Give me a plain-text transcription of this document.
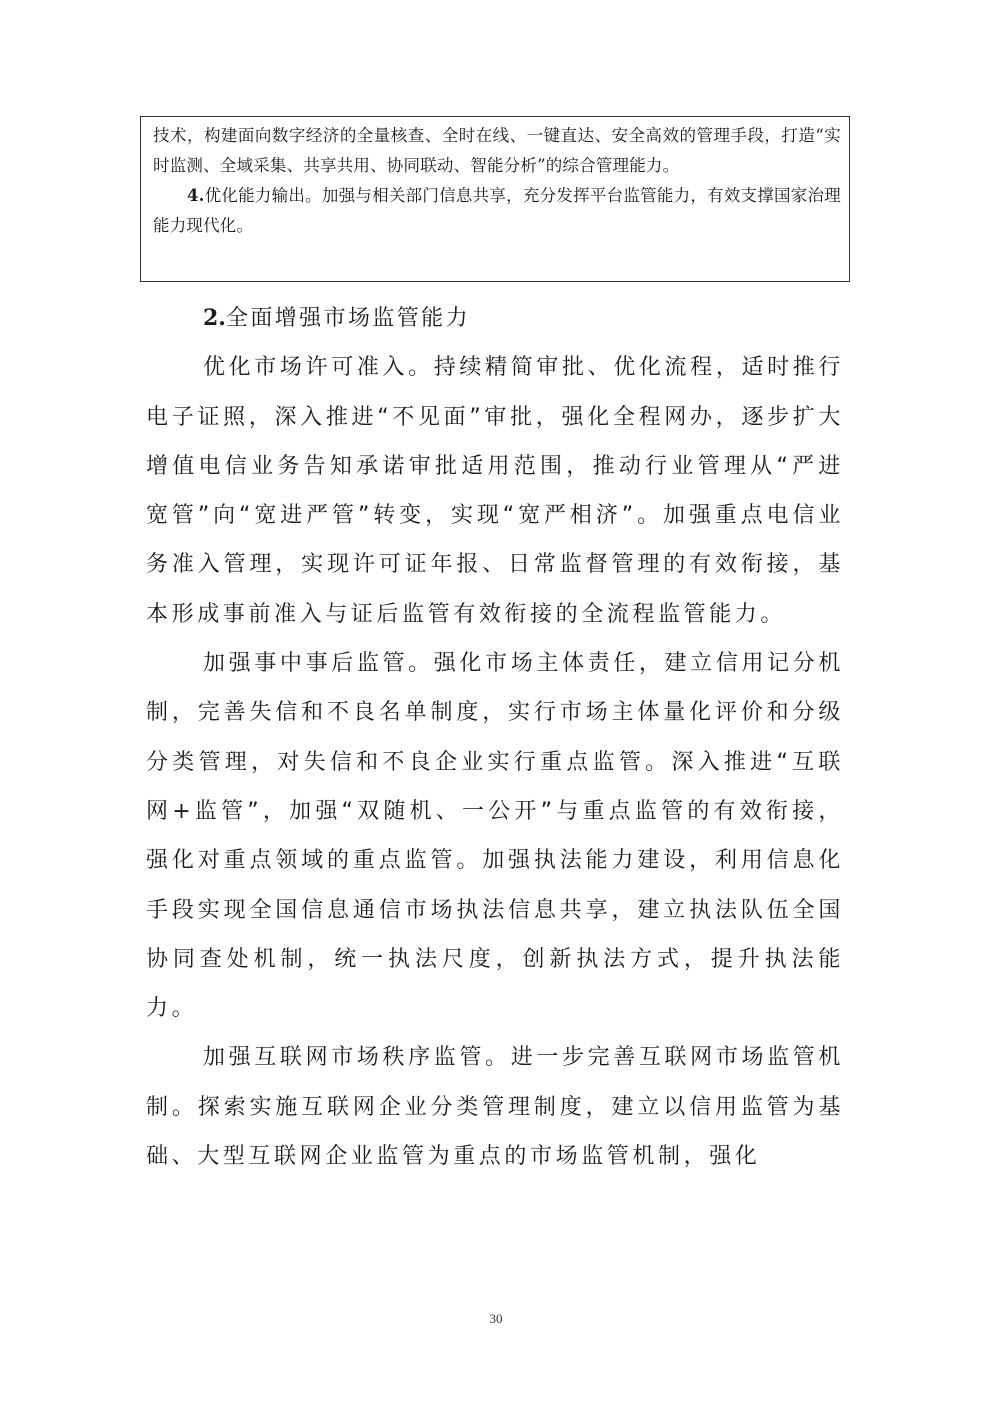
技术，构建面向数字经济的全量核查、全时在线、一键直达、安全高效的管理手段，打造“实时监测、全域采集、共享共用、协同联动、智能分析”的综合管理能力。

4.优化能力输出。加强与相关部门信息共享，充分发挥平台监管能力，有效支撑国家治理能力现代化。

2.全面增强市场监管能力

优化市场许可准入。持续精简审批、优化流程，适时推行电子证照，深入推进“不见面”审批，强化全程网办，逐步扩大增值电信业务告知承诺审批适用范围，推动行业管理从“严进宽管”向“宽进严管”转变，实现“宽严相济”。加强重点电信业务准入管理，实现许可证年报、日常监督管理的有效衔接，基本形成事前准入与证后监管有效衔接的全流程监管能力。

加强事中事后监管。强化市场主体责任，建立信用记分机制，完善失信和不良名单制度，实行市场主体量化评价和分级分类管理，对失信和不良企业实行重点监管。深入推进“互联网+监管”，加强“双随机、一公开”与重点监管的有效衔接，强化对重点领域的重点监管。加强执法能力建设，利用信息化手段实现全国信息通信市场执法信息共享，建立执法队伍全国协同查处机制，统一执法尺度，创新执法方式，提升执法能力。

加强互联网市场秩序监管。进一步完善互联网市场监管机制。探索实施互联网企业分类管理制度，建立以信用监管为基础、大型互联网企业监管为重点的市场监管机制，强化

30
